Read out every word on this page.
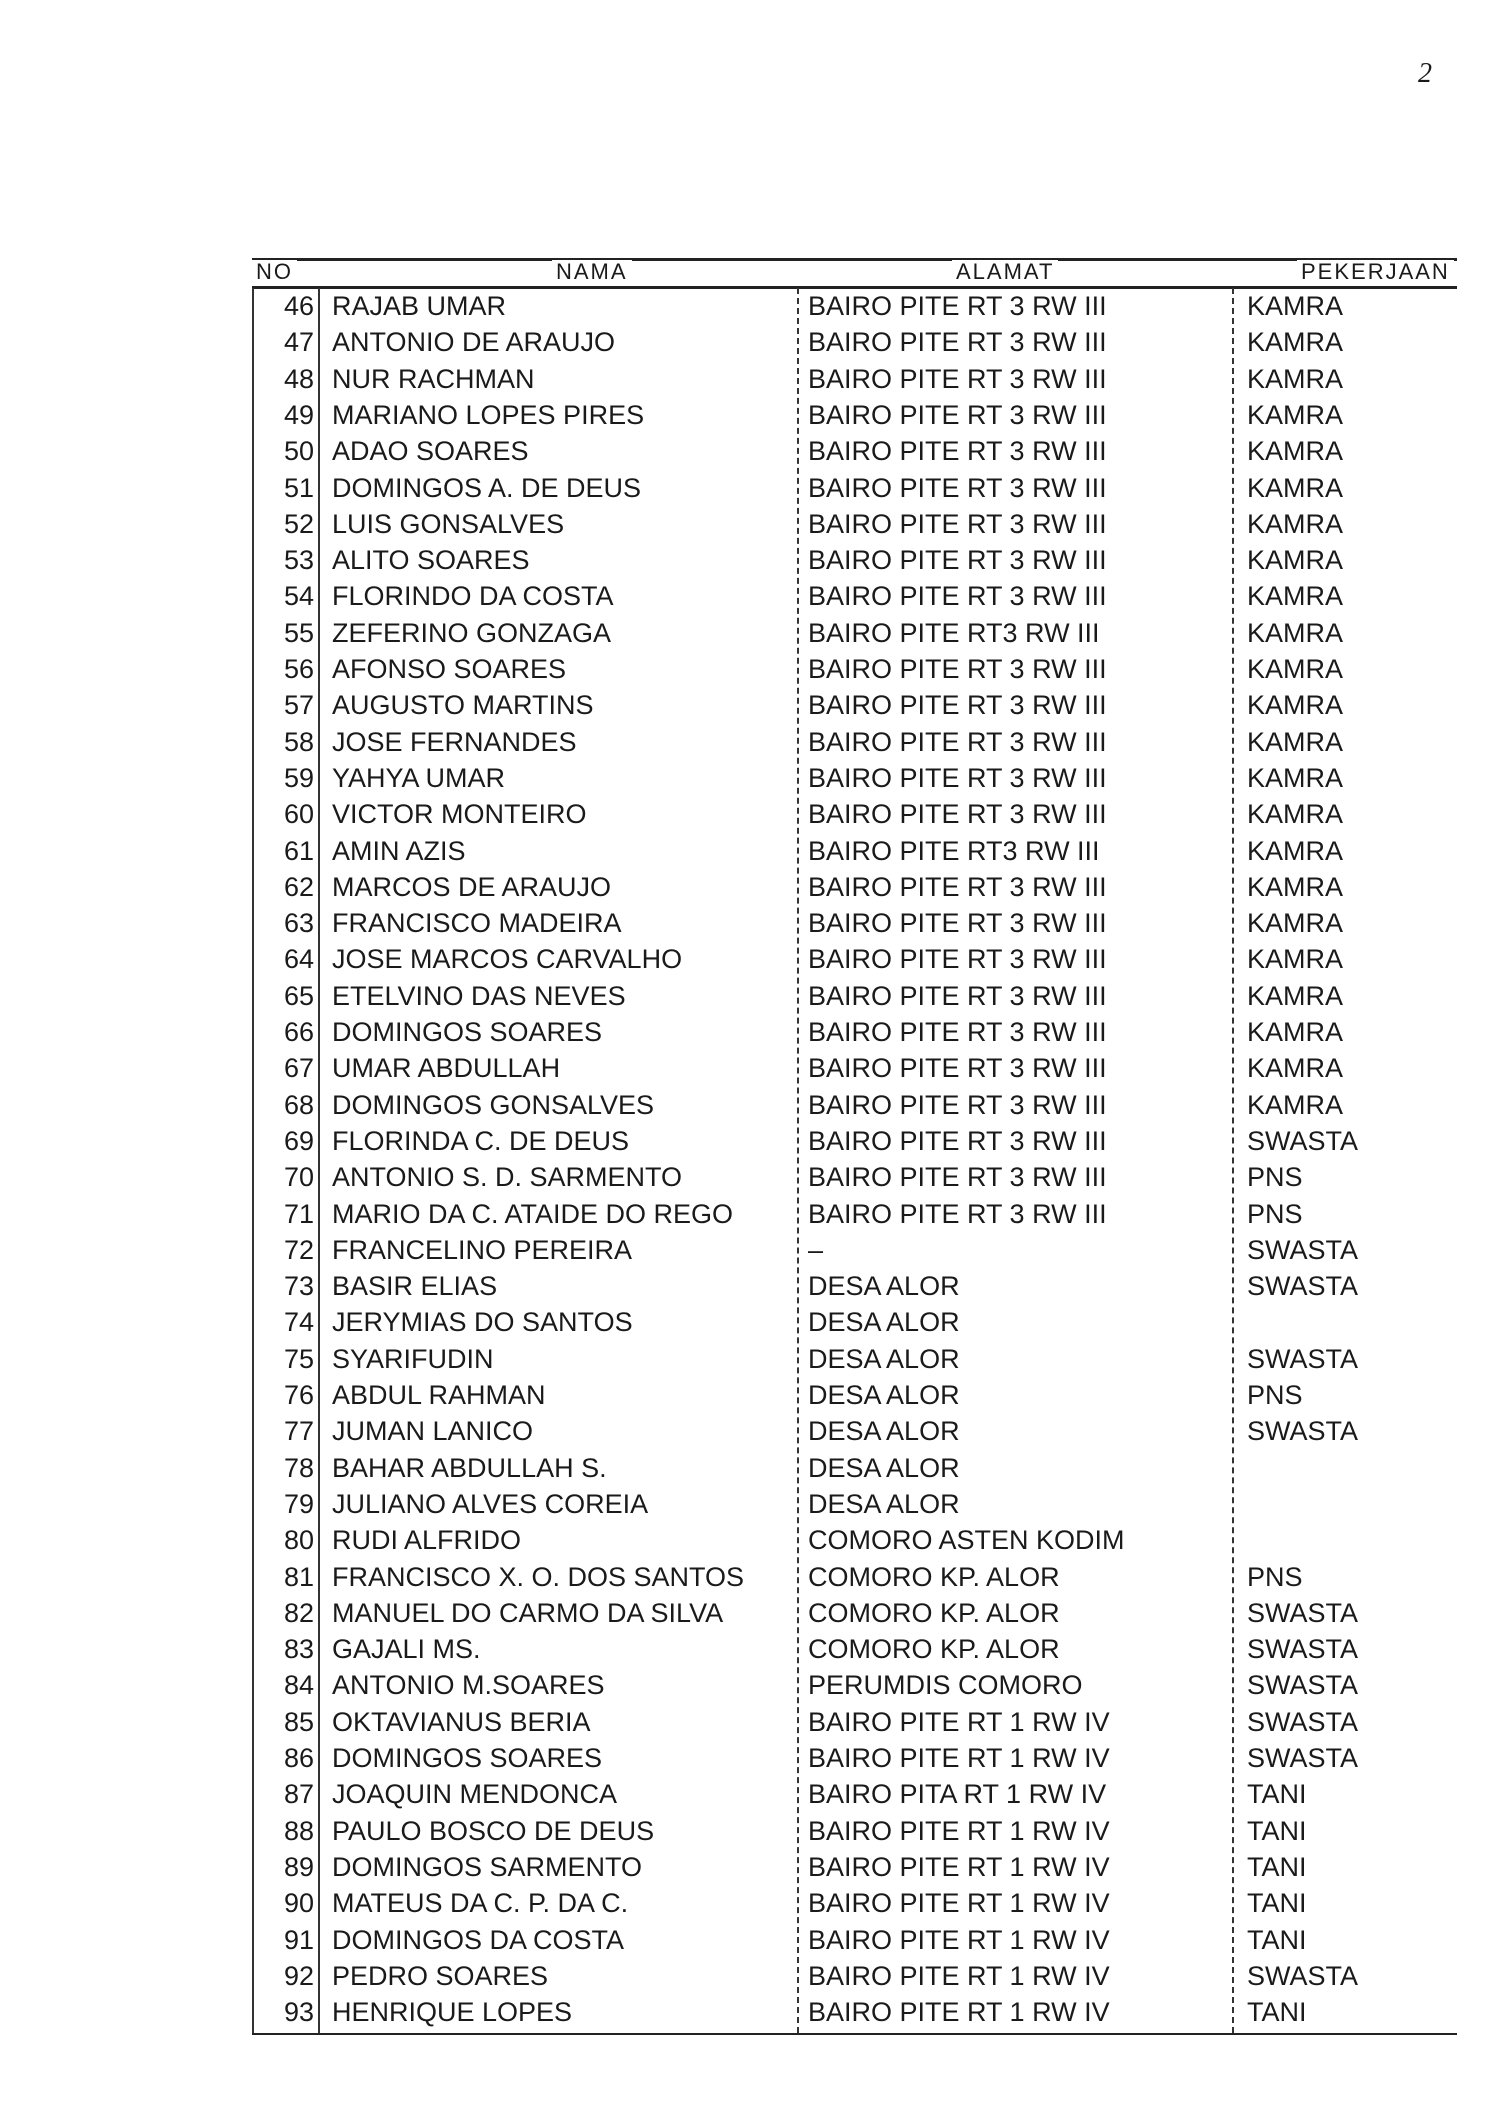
2
NO	NAMA	ALAMAT	PEKERJAAN
46 RAJAB UMAR	BAIRO PITE RT 3 RW III	KAMRA
47 ANTONIO DE ARAUJO	BAIRO PITE RT 3 RW III	KAMRA
48 NUR RACHMAN	BAIRO PITE RT 3 RW III	KAMRA
49 MARIANO LOPES PIRES	BAIRO PITE RT 3 RW III	KAMRA
50 ADAO SOARES	BAIRO PITE RT 3 RW III	KAMRA
51 DOMINGOS A. DE DEUS	BAIRO PITE RT 3 RW III	KAMRA
52 LUIS GONSALVES	BAIRO PITE RT 3 RW III	KAMRA
53 ALITO SOARES	BAIRO PITE RT 3 RW III	KAMRA
54 FLORINDO DA COSTA	BAIRO PITE RT 3 RW III	KAMRA
55 ZEFERINO GONZAGA	BAIRO PITE RT3 RW III	KAMRA
56 AFONSO SOARES	BAIRO PITE RT 3 RW III	KAMRA
57 AUGUSTO MARTINS	BAIRO PITE RT 3 RW III	KAMRA
58 JOSE FERNANDES	BAIRO PITE RT 3 RW III	KAMRA
59 YAHYA UMAR	BAIRO PITE RT 3 RW III	KAMRA
60 VICTOR MONTEIRO	BAIRO PITE RT 3 RW III	KAMRA
61 AMIN AZIS	BAIRO PITE RT3 RW III	KAMRA
62 MARCOS DE ARAUJO	BAIRO PITE RT 3 RW III	KAMRA
63 FRANCISCO MADEIRA	BAIRO PITE RT 3 RW III	KAMRA
64 JOSE MARCOS CARVALHO	BAIRO PITE RT 3 RW III	KAMRA
65 ETELVINO DAS NEVES	BAIRO PITE RT 3 RW III	KAMRA
66 DOMINGOS SOARES	BAIRO PITE RT 3 RW III	KAMRA
67 UMAR ABDULLAH	BAIRO PITE RT 3 RW III	KAMRA
68 DOMINGOS GONSALVES	BAIRO PITE RT 3 RW III	KAMRA
69 FLORINDA C. DE DEUS	BAIRO PITE RT 3 RW III	SWASTA
70 ANTONIO S. D. SARMENTO	BAIRO PITE RT 3 RW III	PNS
71 MARIO DA C. ATAIDE DO REGO	BAIRO PITE RT 3 RW III	PNS
72 FRANCELINO PEREIRA	–	SWASTA
73 BASIR ELIAS	DESA ALOR	SWASTA
74 JERYMIAS DO SANTOS	DESA ALOR
75 SYARIFUDIN	DESA ALOR	SWASTA
76 ABDUL RAHMAN	DESA ALOR	PNS
77 JUMAN LANICO	DESA ALOR	SWASTA
78 BAHAR ABDULLAH S.	DESA ALOR
79 JULIANO ALVES COREIA	DESA ALOR
80 RUDI ALFRIDO	COMORO ASTEN KODIM
81 FRANCISCO X. O. DOS SANTOS	COMORO KP. ALOR	PNS
82 MANUEL DO CARMO DA SILVA	COMORO KP. ALOR	SWASTA
83 GAJALI MS.	COMORO KP. ALOR	SWASTA
84 ANTONIO M.SOARES	PERUMDIS COMORO	SWASTA
85 OKTAVIANUS BERIA	BAIRO PITE RT 1 RW IV	SWASTA
86 DOMINGOS SOARES	BAIRO PITE RT 1 RW IV	SWASTA
87 JOAQUIN MENDONCA	BAIRO PITA RT 1 RW IV	TANI
88 PAULO BOSCO DE DEUS	BAIRO PITE RT 1 RW IV	TANI
89 DOMINGOS SARMENTO	BAIRO PITE RT 1 RW IV	TANI
90 MATEUS DA C. P. DA C.	BAIRO PITE RT 1 RW IV	TANI
91 DOMINGOS DA COSTA	BAIRO PITE RT 1 RW IV	TANI
92 PEDRO SOARES	BAIRO PITE RT 1 RW IV	SWASTA
93 HENRIQUE LOPES	BAIRO PITE RT 1 RW IV	TANI
